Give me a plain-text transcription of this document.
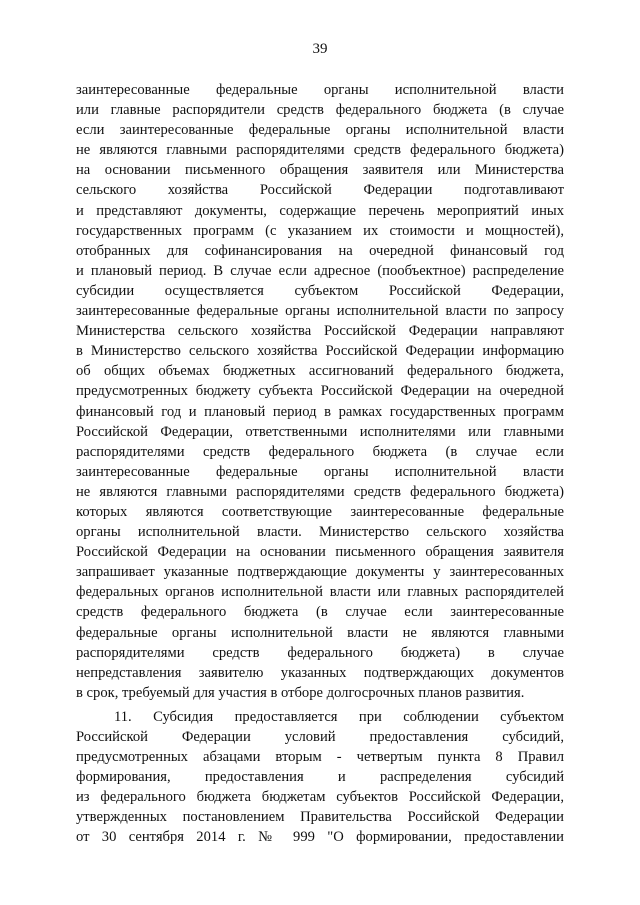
39
заинтересованные федеральные органы исполнительной власти
или главные распорядители средств федерального бюджета (в случае
если заинтересованные федеральные органы исполнительной власти
не являются главными распорядителями средств федерального бюджета)
на основании письменного обращения заявителя или Министерства
сельского хозяйства Российской Федерации подготавливают
и представляют документы, содержащие перечень мероприятий иных
государственных программ (с указанием их стоимости и мощностей),
отобранных для софинансирования на очередной финансовый год
и плановый период. В случае если адресное (пообъектное) распределение
субсидии осуществляется субъектом Российской Федерации,
заинтересованные федеральные органы исполнительной власти по запросу
Министерства сельского хозяйства Российской Федерации направляют
в Министерство сельского хозяйства Российской Федерации информацию
об общих объемах бюджетных ассигнований федерального бюджета,
предусмотренных бюджету субъекта Российской Федерации на очередной
финансовый год и плановый период в рамках государственных программ
Российской Федерации, ответственными исполнителями или главными
распорядителями средств федерального бюджета (в случае если
заинтересованные федеральные органы исполнительной власти
не являются главными распорядителями средств федерального бюджета)
которых являются соответствующие заинтересованные федеральные
органы исполнительной власти. Министерство сельского хозяйства
Российской Федерации на основании письменного обращения заявителя
запрашивает указанные подтверждающие документы у заинтересованных
федеральных органов исполнительной власти или главных распорядителей
средств федерального бюджета (в случае если заинтересованные
федеральные органы исполнительной власти не являются главными
распорядителями средств федерального бюджета) в случае
непредставления заявителю указанных подтверждающих документов
в срок, требуемый для участия в отборе долгосрочных планов развития.
11. Субсидия предоставляется при соблюдении субъектом
Российской Федерации условий предоставления субсидий,
предусмотренных абзацами вторым - четвертым пункта 8 Правил
формирования, предоставления и распределения субсидий
из федерального бюджета бюджетам субъектов Российской Федерации,
утвержденных постановлением Правительства Российской Федерации
от 30 сентября 2014 г. № 999 "О формировании, предоставлении
